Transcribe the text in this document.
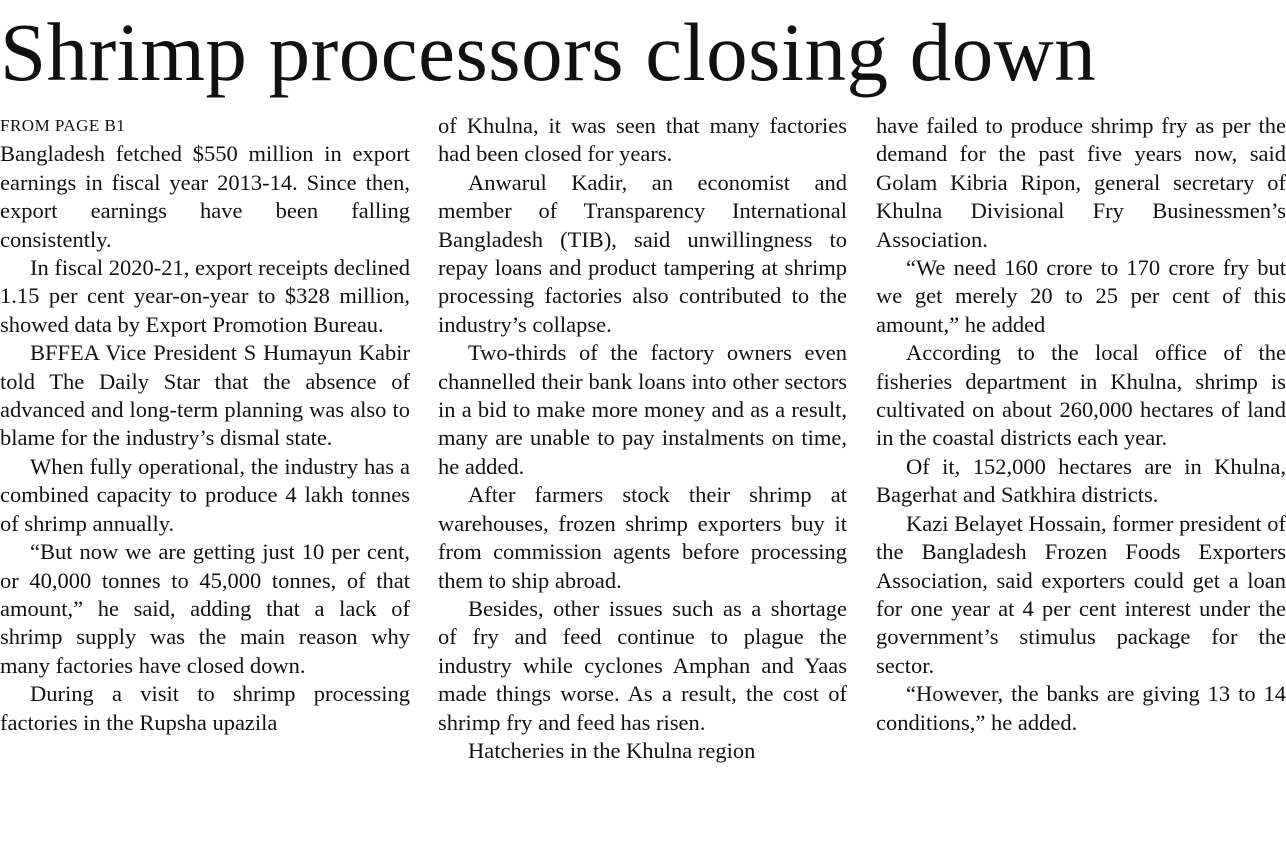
Shrimp processors closing down
FROM PAGE B1

Bangladesh fetched $550 million in export earnings in fiscal year 2013-14. Since then, export earnings have been falling consistently.

In fiscal 2020-21, export receipts declined 1.15 per cent year-on-year to $328 million, showed data by Export Promotion Bureau.

BFFEA Vice President S Humayun Kabir told The Daily Star that the absence of advanced and long-term planning was also to blame for the industry’s dismal state.

When fully operational, the industry has a combined capacity to produce 4 lakh tonnes of shrimp annually.

“But now we are getting just 10 per cent, or 40,000 tonnes to 45,000 tonnes, of that amount,” he said, adding that a lack of shrimp supply was the main reason why many factories have closed down.

During a visit to shrimp processing factories in the Rupsha upazila

of Khulna, it was seen that many factories had been closed for years.

Anwarul Kadir, an economist and member of Transparency International Bangladesh (TIB), said unwillingness to repay loans and product tampering at shrimp processing factories also contributed to the industry’s collapse.

Two-thirds of the factory owners even channelled their bank loans into other sectors in a bid to make more money and as a result, many are unable to pay instalments on time, he added.

After farmers stock their shrimp at warehouses, frozen shrimp exporters buy it from commission agents before processing them to ship abroad.

Besides, other issues such as a shortage of fry and feed continue to plague the industry while cyclones Amphan and Yaas made things worse. As a result, the cost of shrimp fry and feed has risen.

Hatcheries in the Khulna region

have failed to produce shrimp fry as per the demand for the past five years now, said Golam Kibria Ripon, general secretary of Khulna Divisional Fry Businessmen’s Association.

“We need 160 crore to 170 crore fry but we get merely 20 to 25 per cent of this amount,” he added

According to the local office of the fisheries department in Khulna, shrimp is cultivated on about 260,000 hectares of land in the coastal districts each year.

Of it, 152,000 hectares are in Khulna, Bagerhat and Satkhira districts.

Kazi Belayet Hossain, former president of the Bangladesh Frozen Foods Exporters Association, said exporters could get a loan for one year at 4 per cent interest under the government’s stimulus package for the sector.

“However, the banks are giving 13 to 14 conditions,” he added.
